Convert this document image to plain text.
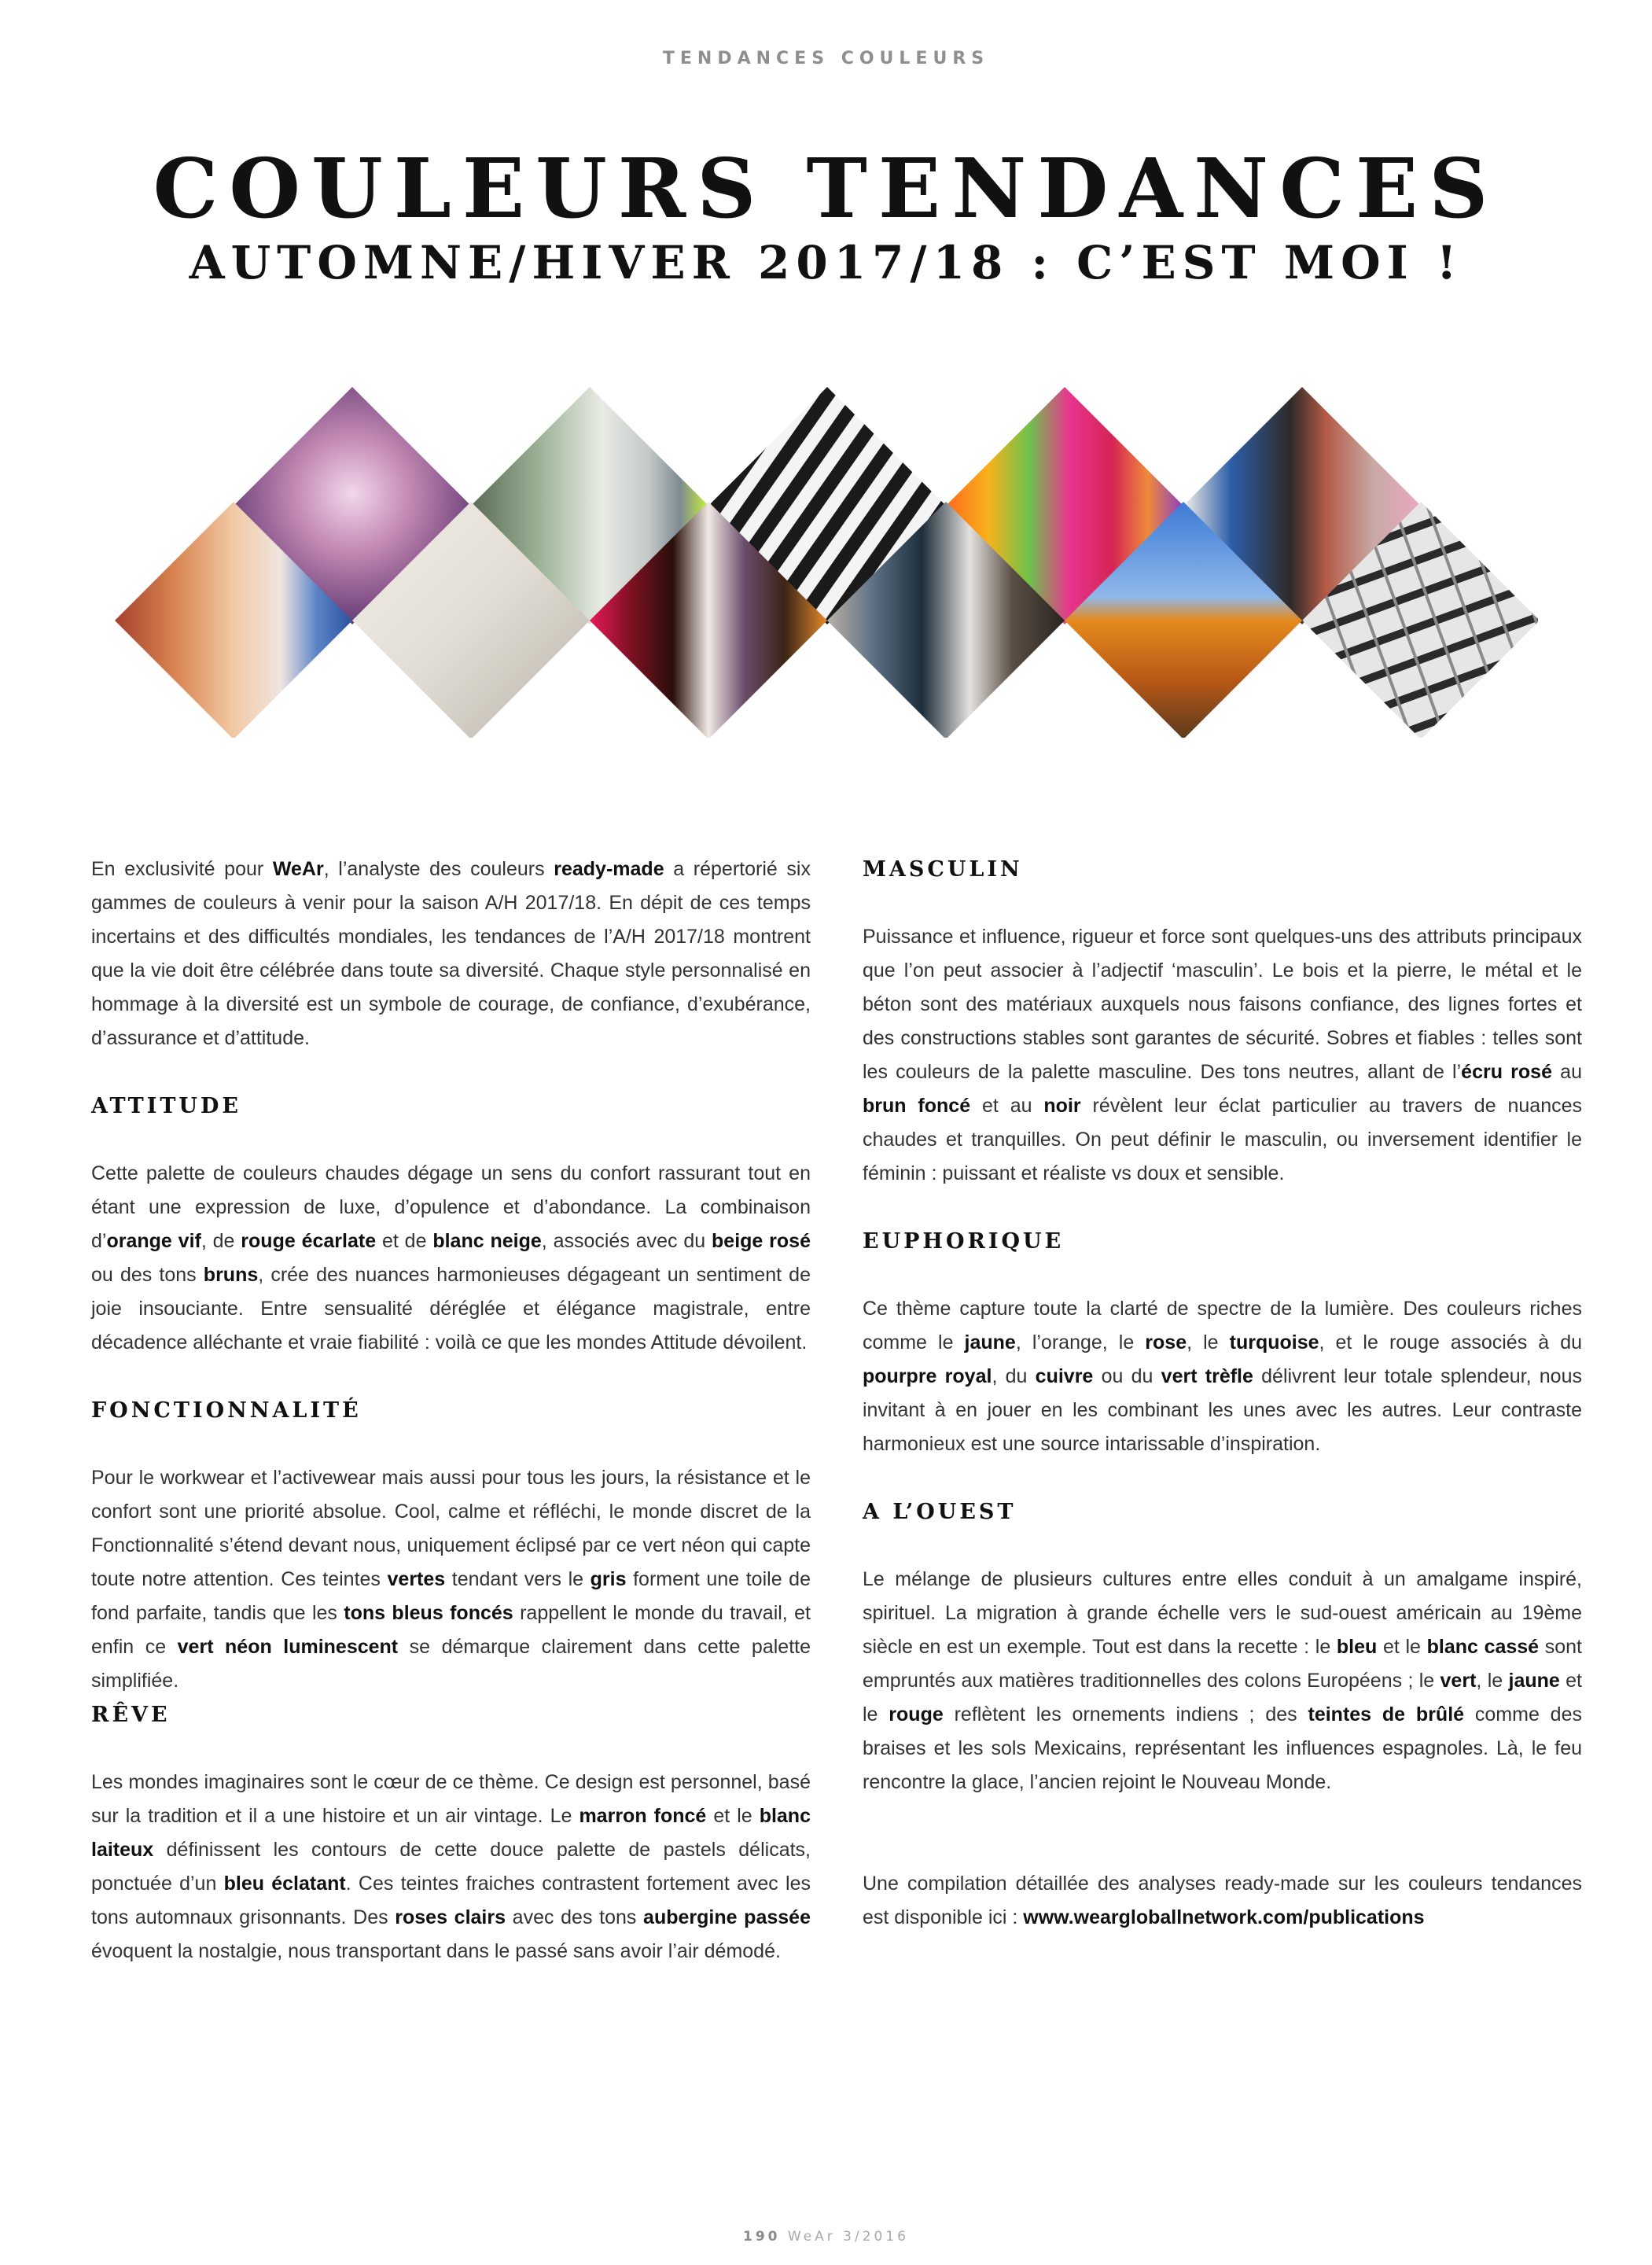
TENDANCES COULEURS
COULEURS TENDANCES
AUTOMNE/HIVER 2017/18 : C’EST MOI !

En exclusivité pour WeAr, l’analyste des couleurs ready-made a répertorié six gammes de couleurs à venir pour la saison A/H 2017/18. En dépit de ces temps incertains et des difficultés mondiales, les tendances de l’A/H 2017/18 montrent que la vie doit être célébrée dans toute sa diversité. Chaque style personnalisé en hommage à la diversité est un symbole de courage, de confiance, d’exubérance, d’assurance et d’attitude.

ATTITUDE

Cette palette de couleurs chaudes dégage un sens du confort rassurant tout en étant une expression de luxe, d’opulence et d’abondance. La combinaison d’orange vif, de rouge écarlate et de blanc neige, associés avec du beige rosé ou des tons bruns, crée des nuances harmonieuses dégageant un sentiment de joie insouciante. Entre sensualité déréglée et élégance magistrale, entre décadence alléchante et vraie fiabilité : voilà ce que les mondes Attitude dévoilent.

FONCTIONNALITÉ

Pour le workwear et l’activewear mais aussi pour tous les jours, la résistance et le confort sont une priorité absolue. Cool, calme et réfléchi, le monde discret de la Fonctionnalité s’étend devant nous, uniquement éclipsé par ce vert néon qui capte toute notre attention. Ces teintes vertes tendant vers le gris forment une toile de fond parfaite, tandis que les tons bleus foncés rappellent le monde du travail, et enfin ce vert néon luminescent se démarque clairement dans cette palette simplifiée.

RÊVE

Les mondes imaginaires sont le cœur de ce thème. Ce design est personnel, basé sur la tradition et il a une histoire et un air vintage. Le marron foncé et le blanc laiteux définissent les contours de cette douce palette de pastels délicats, ponctuée d’un bleu éclatant. Ces teintes fraiches contrastent fortement avec les tons automnaux grisonnants. Des roses clairs avec des tons aubergine passée évoquent la nostalgie, nous transportant dans le passé sans avoir l’air démodé.

MASCULIN

Puissance et influence, rigueur et force sont quelques-uns des attributs principaux que l’on peut associer à l’adjectif ‘masculin’. Le bois et la pierre, le métal et le béton sont des matériaux auxquels nous faisons confiance, des lignes fortes et des constructions stables sont garantes de sécurité. Sobres et fiables : telles sont les couleurs de la palette masculine. Des tons neutres, allant de l’écru rosé au brun foncé et au noir révèlent leur éclat particulier au travers de nuances chaudes et tranquilles. On peut définir le masculin, ou inversement identifier le féminin : puissant et réaliste vs doux et sensible.

EUPHORIQUE

Ce thème capture toute la clarté de spectre de la lumière. Des couleurs riches comme le jaune, l’orange, le rose, le turquoise, et le rouge associés à du pourpre royal, du cuivre ou du vert trèfle délivrent leur totale splendeur, nous invitant à en jouer en les combinant les unes avec les autres. Leur contraste harmonieux est une source intarissable d’inspiration.

A L’OUEST

Le mélange de plusieurs cultures entre elles conduit à un amalgame inspiré, spirituel. La migration à grande échelle vers le sud-ouest américain au 19ème siècle en est un exemple. Tout est dans la recette : le bleu et le blanc cassé sont empruntés aux matières traditionnelles des colons Européens ; le vert, le jaune et le rouge reflètent les ornements indiens ; des teintes de brûlé comme des braises et les sols Mexicains, représentant les influences espagnoles. Là, le feu rencontre la glace, l’ancien rejoint le Nouveau Monde.

Une compilation détaillée des analyses ready-made sur les couleurs tendances est disponible ici : www.weargloballnetwork.com/publications

190 WeAr 3/2016
